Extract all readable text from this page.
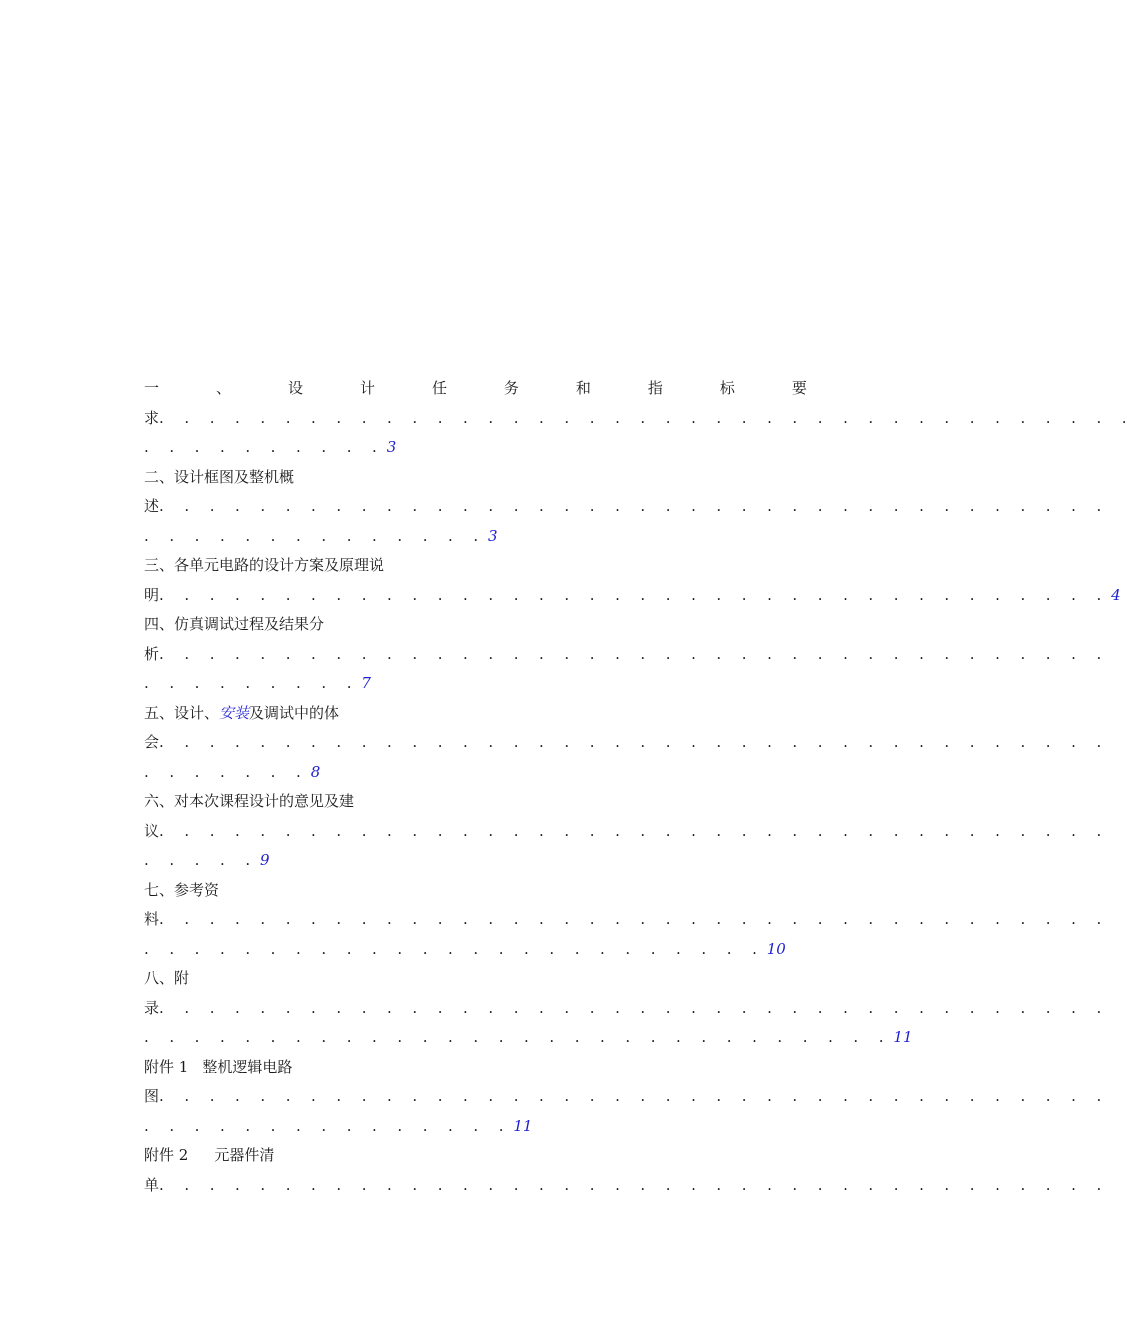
一	、	设	计	任	务	和	指	标	要
求. . . . . . . . . . . . . . . . . . . . . . . . . . . . . . . . . . . . . . .
. . . . . . . . . . 3
二、设计框图及整机概
述. . . . . . . . . . . . . . . . . . . . . . . . . . . . . . . . . . . . . .
. . . . . . . . . . . . . . 3
三、各单元电路的设计方案及原理说
明. . . . . . . . . . . . . . . . . . . . . . . . . . . . . . . . . . . . . . 4
四、仿真调试过程及结果分
析. . . . . . . . . . . . . . . . . . . . . . . . . . . . . . . . . . . . . .
. . . . . . . . . 7
五、设计、安装及调试中的体
会. . . . . . . . . . . . . . . . . . . . . . . . . . . . . . . . . . . . . .
. . . . . . . 8
六、对本次课程设计的意见及建
议. . . . . . . . . . . . . . . . . . . . . . . . . . . . . . . . . . . . . .
. . . . . 9
七、参考资
料. . . . . . . . . . . . . . . . . . . . . . . . . . . . . . . . . . . . . .
. . . . . . . . . . . . . . . . . . . . . . . . . 10
八、附
录. . . . . . . . . . . . . . . . . . . . . . . . . . . . . . . . . . . . . .
. . . . . . . . . . . . . . . . . . . . . . . . . . . . . . 11
附件 1 整机逻辑电路
图. . . . . . . . . . . . . . . . . . . . . . . . . . . . . . . . . . . . . .
. . . . . . . . . . . . . . . 11
附件 2 元器件清
单. . . . . . . . . . . . . . . . . . . . . . . . . . . . . . . . . . . . . .
